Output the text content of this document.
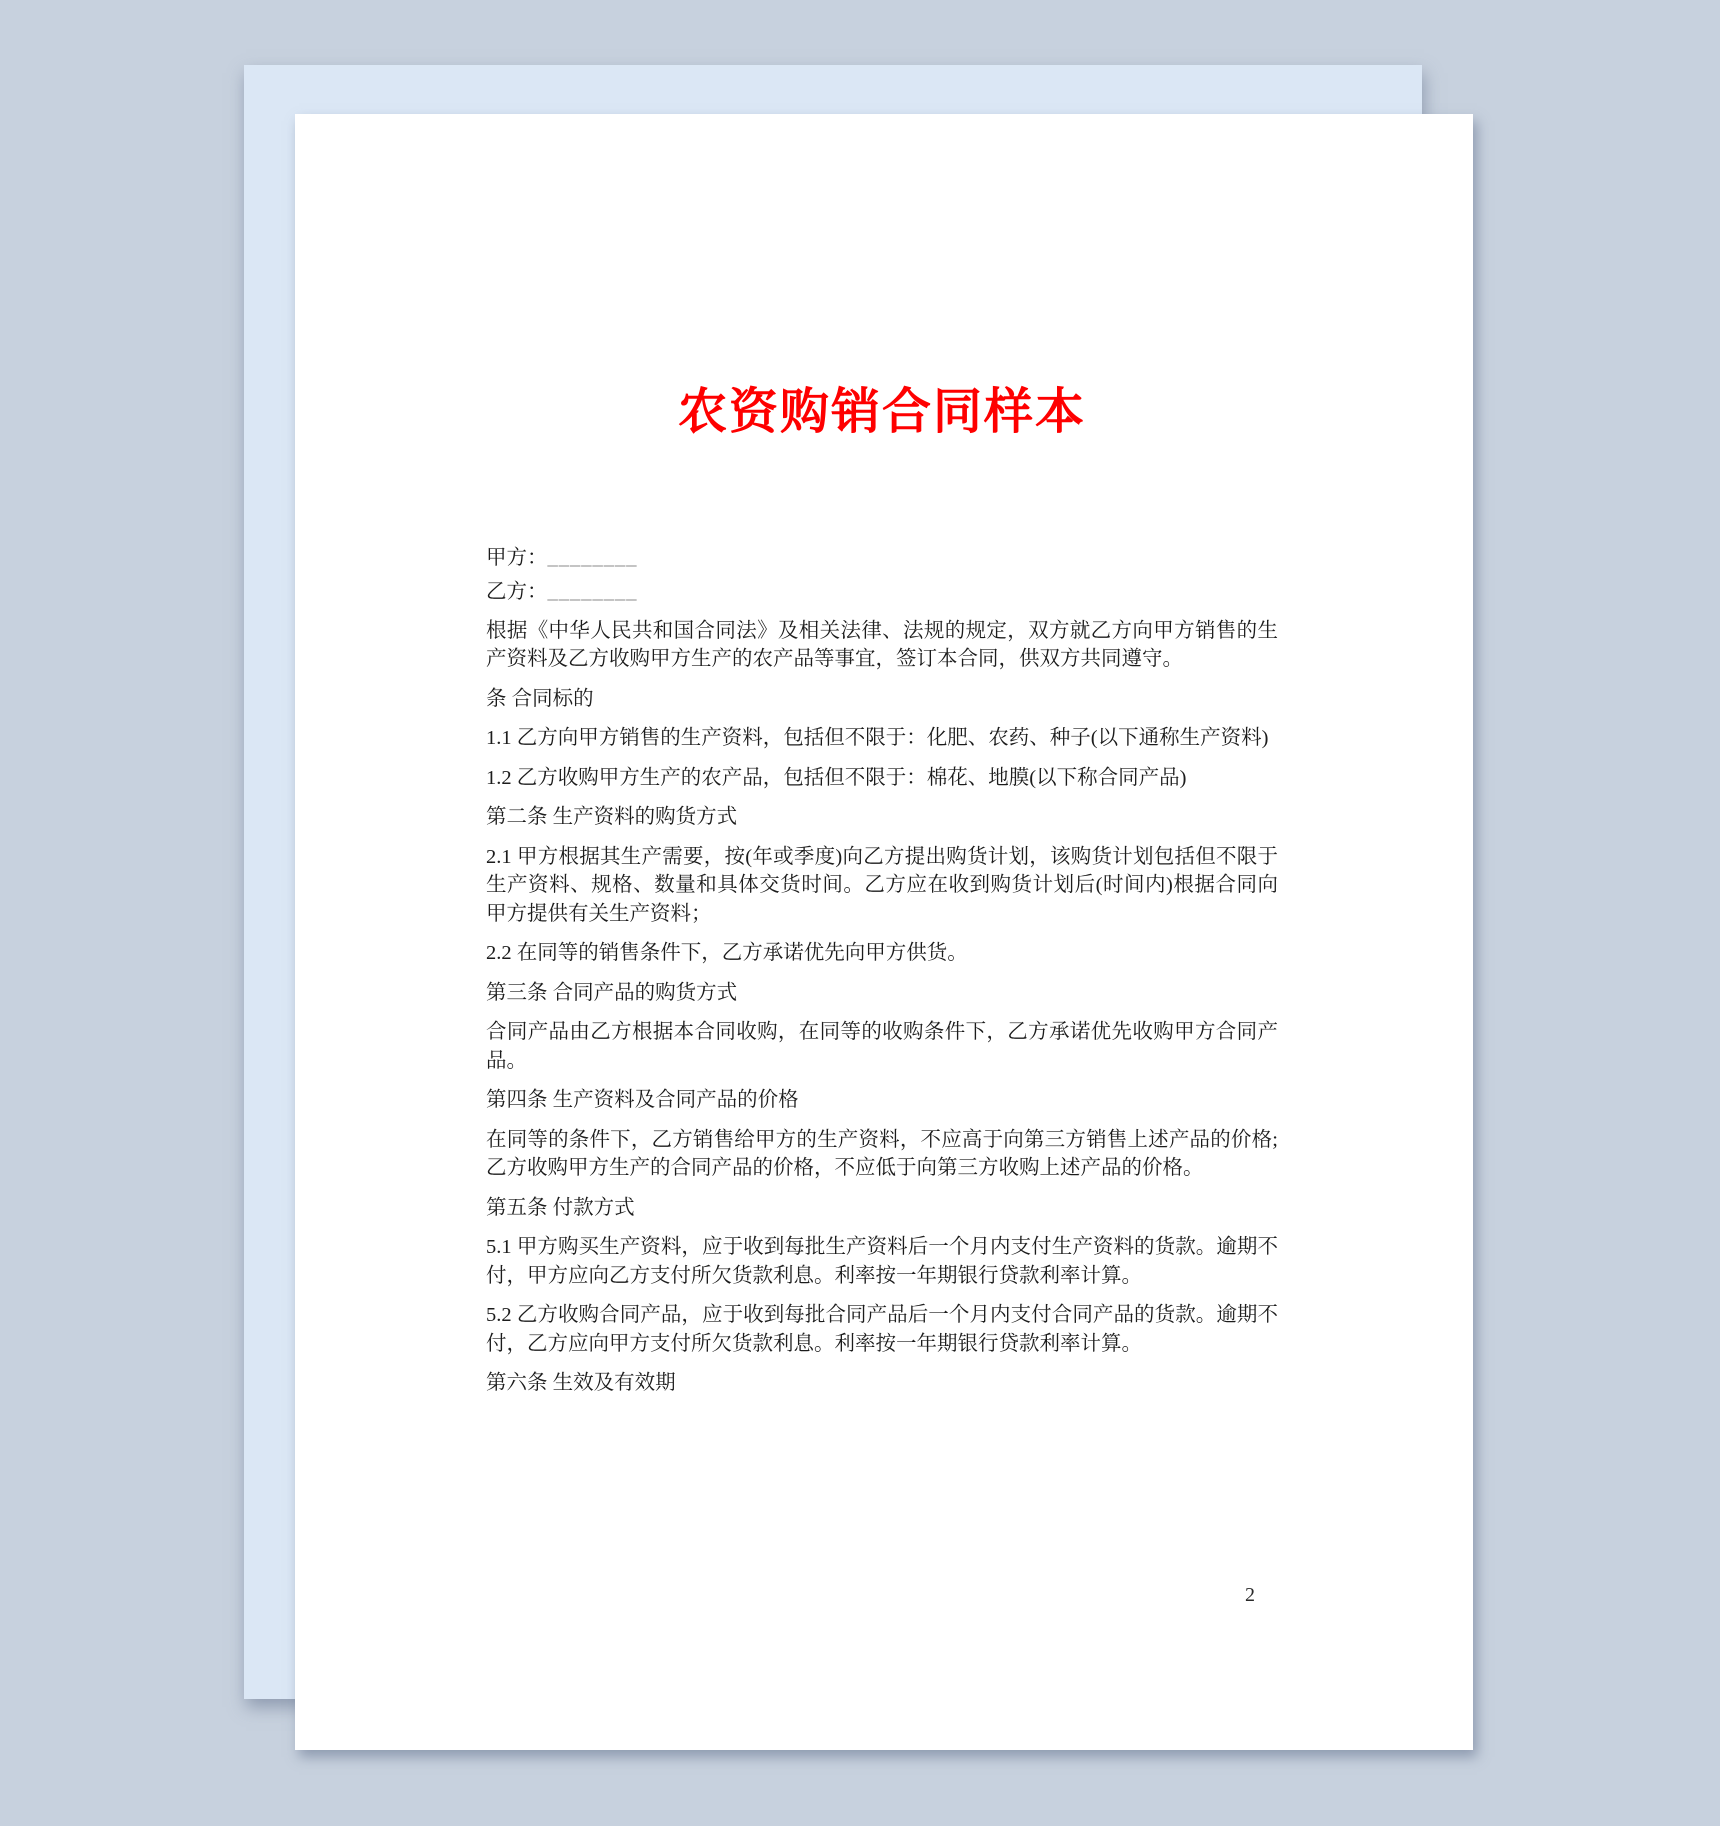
农资购销合同样本
甲方：________
乙方：________
根据《中华人民共和国合同法》及相关法律、法规的规定，双方就乙方向甲方销售的生产资料及乙方收购甲方生产的农产品等事宜，签订本合同，供双方共同遵守。
条 合同标的
1.1 乙方向甲方销售的生产资料，包括但不限于：化肥、农药、种子(以下通称生产资料)
1.2 乙方收购甲方生产的农产品，包括但不限于：棉花、地膜(以下称合同产品)
第二条 生产资料的购货方式
2.1 甲方根据其生产需要，按(年或季度)向乙方提出购货计划，该购货计划包括但不限于生产资料、规格、数量和具体交货时间。乙方应在收到购货计划后(时间内)根据合同向甲方提供有关生产资料；
2.2 在同等的销售条件下，乙方承诺优先向甲方供货。
第三条 合同产品的购货方式
合同产品由乙方根据本合同收购，在同等的收购条件下，乙方承诺优先收购甲方合同产品。
第四条 生产资料及合同产品的价格
在同等的条件下，乙方销售给甲方的生产资料，不应高于向第三方销售上述产品的价格;乙方收购甲方生产的合同产品的价格，不应低于向第三方收购上述产品的价格。
第五条 付款方式
5.1 甲方购买生产资料，应于收到每批生产资料后一个月内支付生产资料的货款。逾期不付，甲方应向乙方支付所欠货款利息。利率按一年期银行贷款利率计算。
5.2 乙方收购合同产品，应于收到每批合同产品后一个月内支付合同产品的货款。逾期不付，乙方应向甲方支付所欠货款利息。利率按一年期银行贷款利率计算。
第六条 生效及有效期
2
